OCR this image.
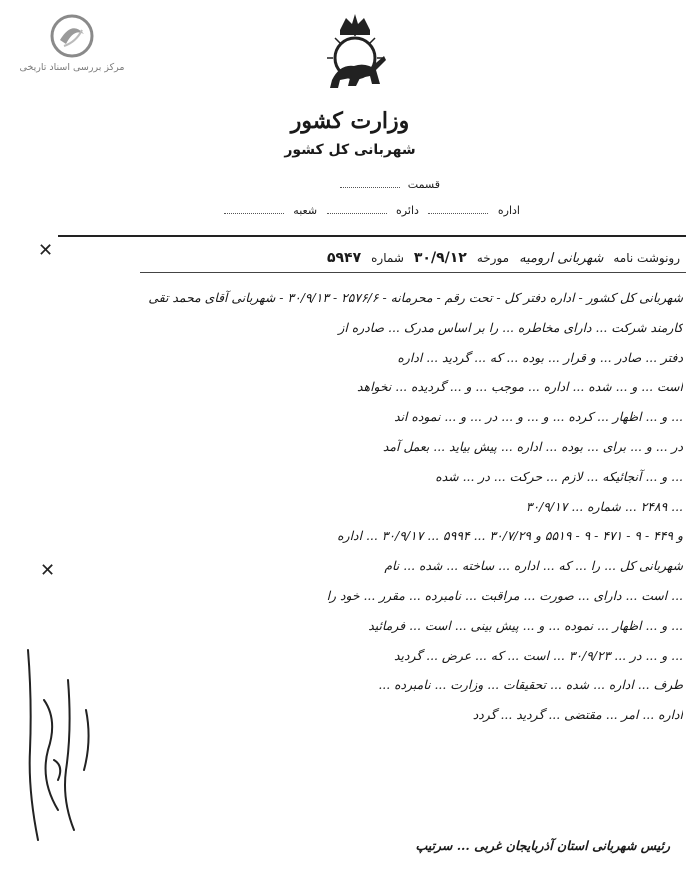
مرکز بررسی اسناد تاریخی
وزارت کشور
شهربانی کل کشور
قسمت
اداره  دائره  شعبه
✕	رونوشت نامه
شهربانی ارومیه
مورخه
۳۰/۹/۱۲
شماره
۵۹۴۷
✕
شهربانی کل کشور - اداره دفتر کل - تحت رقم - محرمانه - ۲۵۷۶/۶ - ۳۰/۹/۱۳ - شهربانی آقای محمد تقی
کارمند شرکت ... دارای مخاطره ... را بر اساس مدرک ... صادره از
دفتر ... صادر ... و قرار ... بوده ... که ... گردید ... اداره
است ... و ... شده ... اداره ... موجب ... و ... گردیده ... نخواهد
... و ... اظهار ... کرده ... و ... و ... در ... و ... نموده اند
در ... و ... برای ... بوده ... اداره ... پیش بیاید ... بعمل آمد
... و ... آنجائیکه ... لازم ... حرکت ... در ... شده
... ۲۴۸۹ ... شماره ... ۳۰/۹/۱۷
و ۴۴۹ - ۹ - ۴۷۱ - ۹ - ۵۵۱۹ و ۳۰/۷/۲۹ ... ۵۹۹۴ ... ۳۰/۹/۱۷ ... اداره
شهربانی کل ... را ... که ... اداره ... ساخته ... شده ... نام
... است ... دارای ... صورت ... مراقبت ... نامبرده ... مقرر ... خود را
... و ... اظهار ... نموده ... و ... پیش بینی ... است ... فرمائید
... و ... در ... ۳۰/۹/۲۳ ... است ... که ... عرض ... گردید
طرف ... اداره ... شده ... تحقیقات ... وزارت ... نامبرده ...
اداره ... امر ... مقتضی ... گردید ... گردد
رئیس شهربانی استان آذربایجان غربی ... سرتیپ
